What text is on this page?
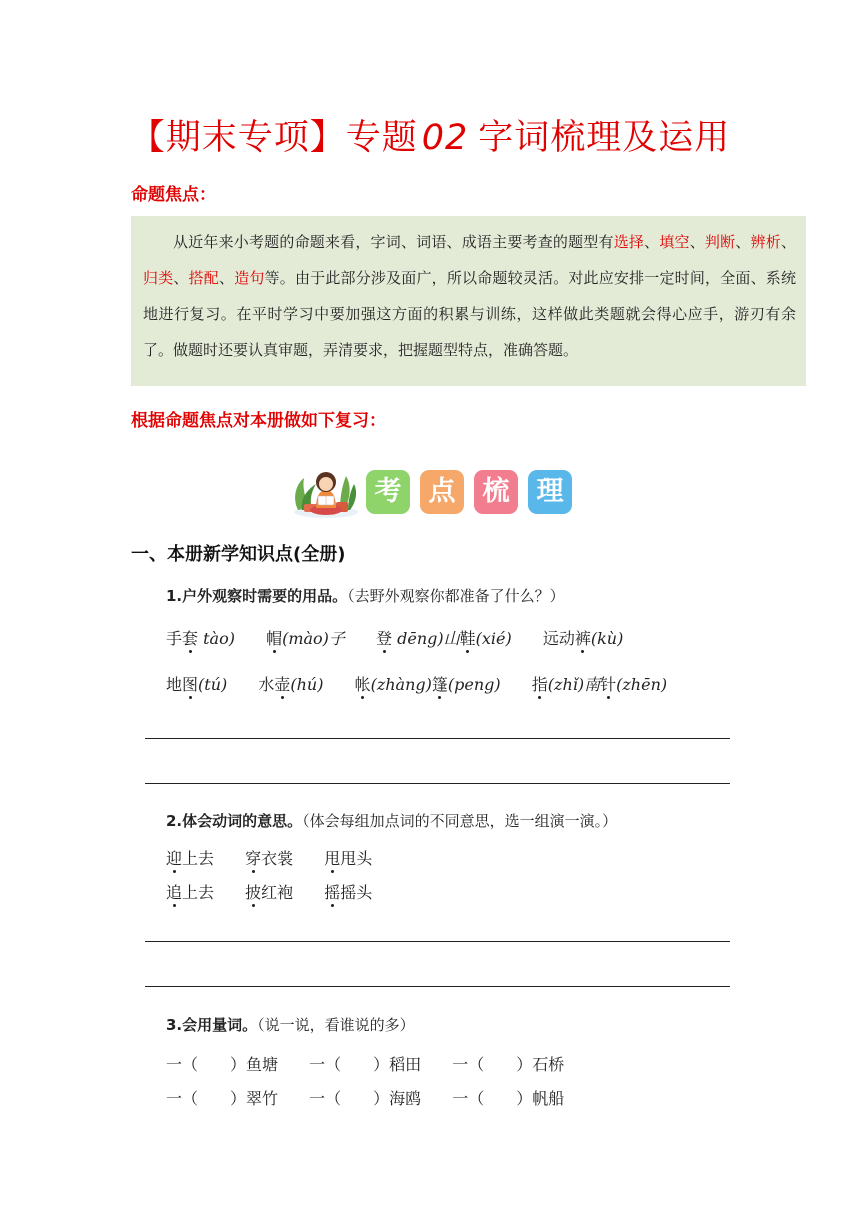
【期末专项】专题 02 字词梳理及运用
命题焦点：

从近年来小考题的命题来看，字词、词语、成语主要考查的题型有选择、填空、判断、辨析、归类、搭配、造句等。由于此部分涉及面广，所以命题较灵活。对此应安排一定时间，全面、系统地进行复习。在平时学习中要加强这方面的积累与训练，这样做此类题就会得心应手，游刃有余了。做题时还要认真审题，弄清要求，把握题型特点，准确答题。

根据命题焦点对本册做如下复习：
考	点	梳	理
一、本册新学知识点(全册)
1.户外观察时需要的用品。（去野外观察你都准备了什么？）
手套 tào) 帽(mào)子 登 dēng)山鞋(xié) 远动裤(kù)
地图(tú) 水壶(hú) 帐(zhàng)篷(peng) 指(zhǐ)南针(zhēn)
2.体会动词的意思。（体会每组加点词的不同意思，选一组演一演。）
迎上去 穿衣裳 甩甩头
追上去 披红袍 摇摇头
3.会用量词。（说一说，看谁说的多）
一（　　）鱼塘 一（　　）稻田 一（　　）石桥
一（　　）翠竹 一（　　）海鸥 一（　　）帆船
